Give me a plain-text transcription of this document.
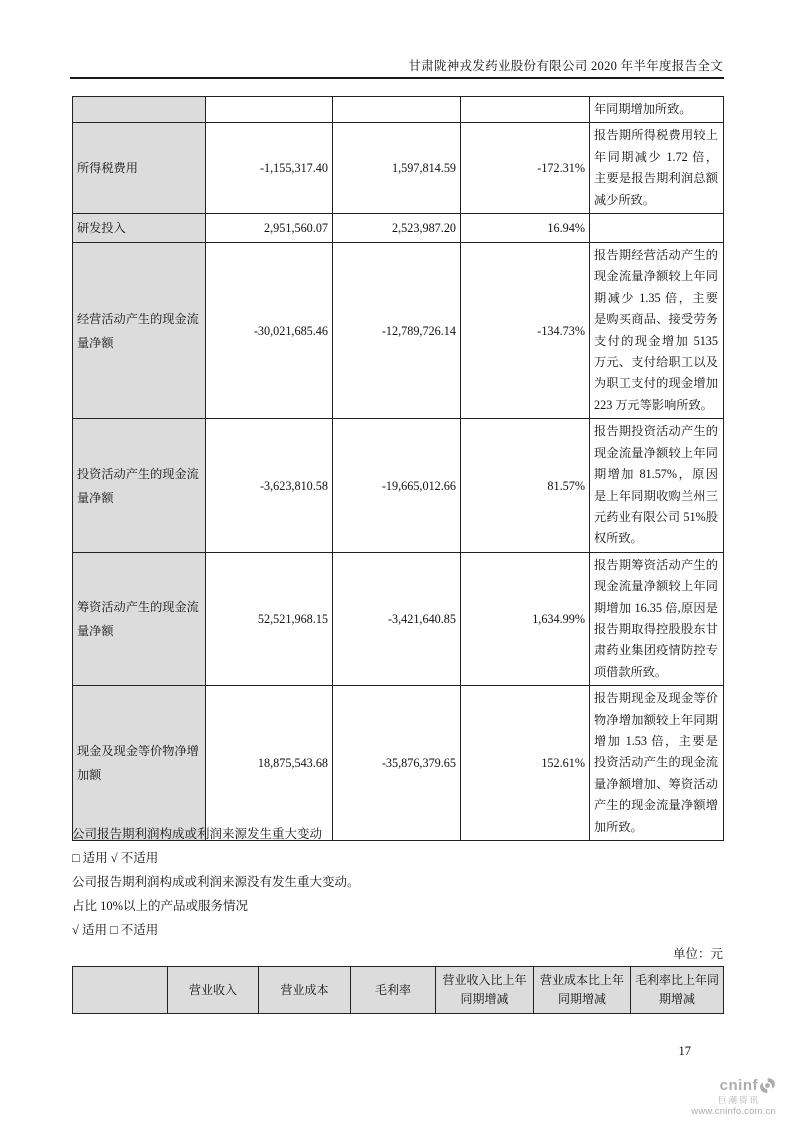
甘肃陇神戎发药业股份有限公司 2020 年半年度报告全文
				年同期增加所致。
所得税费用	-1,155,317.40	1,597,814.59	-172.31%	报告期所得税费用较上年同期减少 1.72 倍，主要是报告期利润总额减少所致。
研发投入	2,951,560.07	2,523,987.20	16.94%	
经营活动产生的现金流量净额	-30,021,685.46	-12,789,726.14	-134.73%	报告期经营活动产生的现金流量净额较上年同期减少 1.35 倍，主要是购买商品、接受劳务支付的现金增加 5135 万元、支付给职工以及为职工支付的现金增加 223 万元等影响所致。
投资活动产生的现金流量净额	-3,623,810.58	-19,665,012.66	81.57%	报告期投资活动产生的现金流量净额较上年同期增加 81.57%，原因是上年同期收购兰州三元药业有限公司 51%股权所致。
筹资活动产生的现金流量净额	52,521,968.15	-3,421,640.85	1,634.99%	报告期筹资活动产生的现金流量净额较上年同期增加 16.35 倍,原因是报告期取得控股股东甘肃药业集团疫情防控专项借款所致。
现金及现金等价物净增加额	18,875,543.68	-35,876,379.65	152.61%	报告期现金及现金等价物净增加额较上年同期增加 1.53 倍，主要是投资活动产生的现金流量净额增加、筹资活动产生的现金流量净额增加所致。
公司报告期利润构成或利润来源发生重大变动
□ 适用 √ 不适用
公司报告期利润构成或利润来源没有发生重大变动。
占比 10%以上的产品或服务情况
√ 适用 □ 不适用
单位：元
	营业收入	营业成本	毛利率	营业收入比上年同期增减	营业成本比上年同期增减	毛利率比上年同期增减
17
cninf
巨潮资讯
www.cninfo.com.cn
